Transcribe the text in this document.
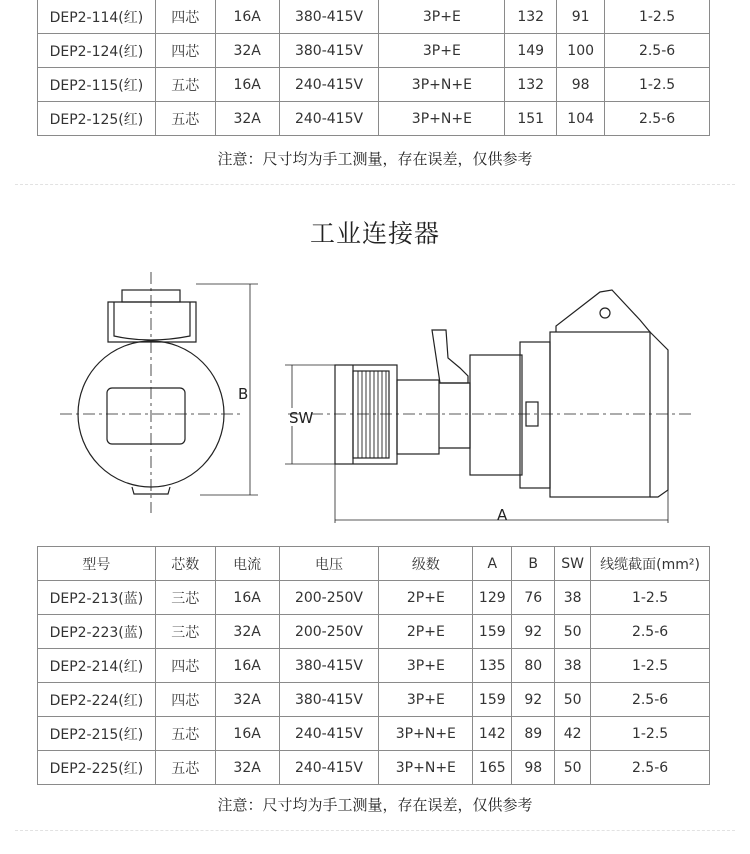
DEP2-114(红)	四芯	16A	380-415V	3P+E	132	91	1-2.5
DEP2-124(红)	四芯	32A	380-415V	3P+E	149	100	2.5-6
DEP2-115(红)	五芯	16A	240-415V	3P+N+E	132	98	1-2.5
DEP2-125(红)	五芯	32A	240-415V	3P+N+E	151	104	2.5-6
注意：尺寸均为手工测量，存在误差，仅供参考
工业连接器
B
SW
A
型号	芯数	电流	电压	级数	A	B	SW	线缆截面(mm²)
DEP2-213(蓝)	三芯	16A	200-250V	2P+E	129	76	38	1-2.5
DEP2-223(蓝)	三芯	32A	200-250V	2P+E	159	92	50	2.5-6
DEP2-214(红)	四芯	16A	380-415V	3P+E	135	80	38	1-2.5
DEP2-224(红)	四芯	32A	380-415V	3P+E	159	92	50	2.5-6
DEP2-215(红)	五芯	16A	240-415V	3P+N+E	142	89	42	1-2.5
DEP2-225(红)	五芯	32A	240-415V	3P+N+E	165	98	50	2.5-6
注意：尺寸均为手工测量，存在误差，仅供参考
